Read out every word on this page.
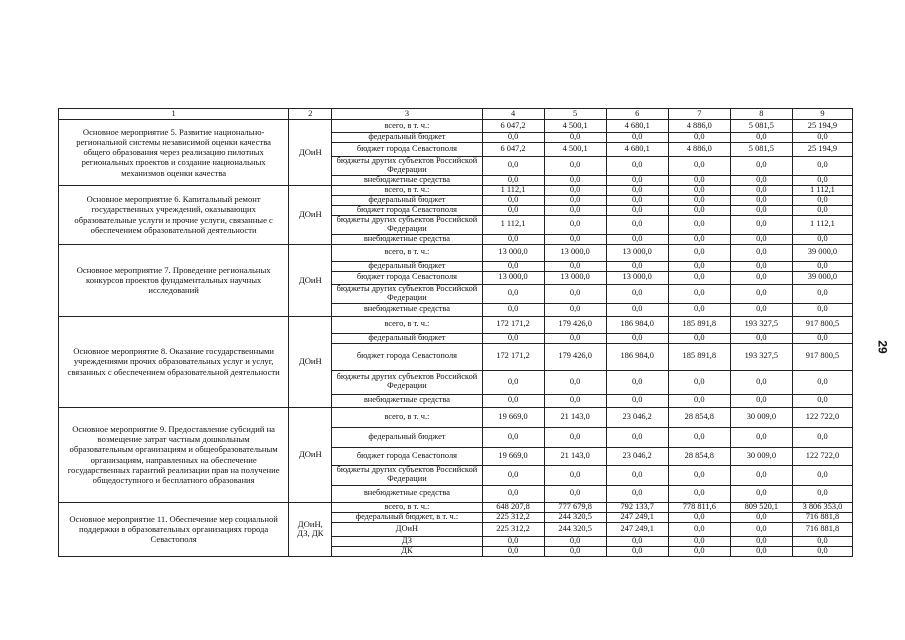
1	2	3	4	5	6	7	8	9
Основное мероприятие 5. Развитие национально-региональной системы независимой оценки качества общего образования через реализацию пилотных региональных проектов и создание национальных механизмов оценки качества	ДОиН	всего, в т. ч.:	6 047,2	4 500,1	4 680,1	4 886,0	5 081,5	25 194,9
		федеральный бюджет	0,0	0,0	0,0	0,0	0,0	0,0
		бюджет города Севастополя	6 047,2	4 500,1	4 680,1	4 886,0	5 081,5	25 194,9
		бюджеты других субъектов Российской Федерации	0,0	0,0	0,0	0,0	0,0	0,0
		внебюджетные средства	0,0	0,0	0,0	0,0	0,0	0,0
Основное мероприятие 6. Капитальный ремонт государственных учреждений, оказывающих образовательные услуги и прочие услуги, связанные с обеспечением образовательной деятельности	ДОиН	всего, в т. ч.:	1 112,1	0,0	0,0	0,0	0,0	1 112,1
		федеральный бюджет	0,0	0,0	0,0	0,0	0,0	0,0
		бюджет города Севастополя	0,0	0,0	0,0	0,0	0,0	0,0
		бюджеты других субъектов Российской Федерации	1 112,1	0,0	0,0	0,0	0,0	1 112,1
		внебюджетные средства	0,0	0,0	0,0	0,0	0,0	0,0
Основное мероприятие 7. Проведение региональных конкурсов проектов фундаментальных научных исследований	ДОиН	всего, в т. ч.:	13 000,0	13 000,0	13 000,0	0,0	0,0	39 000,0
		федеральный бюджет	0,0	0,0	0,0	0,0	0,0	0,0
		бюджет города Севастополя	13 000,0	13 000,0	13 000,0	0,0	0,0	39 000,0
		бюджеты других субъектов Российской Федерации	0,0	0,0	0,0	0,0	0,0	0,0
		внебюджетные средства	0,0	0,0	0,0	0,0	0,0	0,0
Основное мероприятие 8. Оказание государственными учреждениями прочих образовательных услуг и услуг, связанных с обеспечением образовательной деятельности	ДОиН	всего, в т. ч.:	172 171,2	179 426,0	186 984,0	185 891,8	193 327,5	917 800,5
		федеральный бюджет	0,0	0,0	0,0	0,0	0,0	0,0
		бюджет города Севастополя	172 171,2	179 426,0	186 984,0	185 891,8	193 327,5	917 800,5
		бюджеты других субъектов Российской Федерации	0,0	0,0	0,0	0,0	0,0	0,0
		внебюджетные средства	0,0	0,0	0,0	0,0	0,0	0,0
Основное мероприятие 9. Предоставление субсидий на возмещение затрат частным дошкольным образовательным организациям и общеобразовательным организациям, направленных на обеспечение государственных гарантий реализации прав на получение общедоступного и бесплатного образования	ДОиН	всего, в т. ч.:	19 669,0	21 143,0	23 046,2	28 854,8	30 009,0	122 722,0
		федеральный бюджет	0,0	0,0	0,0	0,0	0,0	0,0
		бюджет города Севастополя	19 669,0	21 143,0	23 046,2	28 854,8	30 009,0	122 722,0
		бюджеты других субъектов Российской Федерации	0,0	0,0	0,0	0,0	0,0	0,0
		внебюджетные средства	0,0	0,0	0,0	0,0	0,0	0,0
Основное мероприятие 11. Обеспечение мер социальной поддержки в образовательных организациях города Севастополя	ДОиН, ДЗ, ДК	всего, в т. ч.:	648 207,8	777 679,8	792 133,7	778 811,6	809 520,1	3 806 353,0
		федеральный бюджет, в т. ч.:	225 312,2	244 320,5	247 249,1	0,0	0,0	716 881,8
		ДОиН	225 312,2	244 320,5	247 249,1	0,0	0,0	716 881,8
		ДЗ	0,0	0,0	0,0	0,0	0,0	0,0
		ДК	0,0	0,0	0,0	0,0	0,0	0,0
29
